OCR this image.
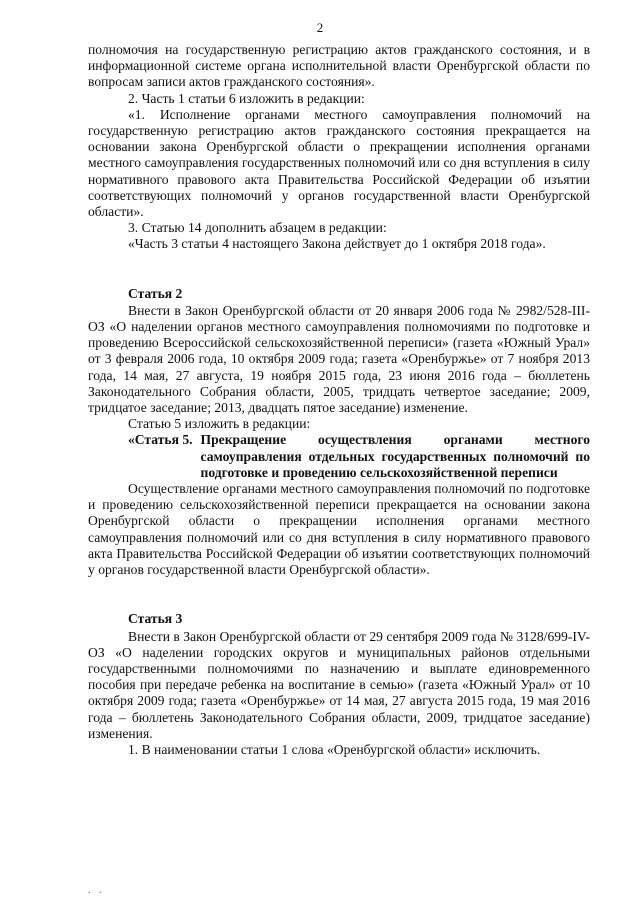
2

полномочия на государственную регистрацию актов гражданского состояния, и в информационной системе органа исполнительной власти Оренбургской области по вопросам записи актов гражданского состояния».

2. Часть 1 статьи 6 изложить в редакции:

«1. Исполнение органами местного самоуправления полномочий на государственную регистрацию актов гражданского состояния прекращается на основании закона Оренбургской области о прекращении исполнения органами местного самоуправления государственных полномочий или со дня вступления в силу нормативного правового акта Правительства Российской Федерации об изъятии соответствующих полномочий у органов государственной власти Оренбургской области».

3. Статью 14 дополнить абзацем в редакции:

«Часть 3 статьи 4 настоящего Закона действует до 1 октября 2018 года».

Статья 2

Внести в Закон Оренбургской области от 20 января 2006 года № 2982/528-III-ОЗ «О наделении органов местного самоуправления полномочиями по подготовке и проведению Всероссийской сельскохозяйственной переписи» (газета «Южный Урал» от 3 февраля 2006 года, 10 октября 2009 года; газета «Оренбуржье» от 7 ноября 2013 года, 14 мая, 27 августа, 19 ноября 2015 года, 23 июня 2016 года – бюллетень Законодательного Собрания области, 2005, тридцать четвертое заседание; 2009, тридцатое заседание; 2013, двадцать пятое заседание) изменение.

Статью 5 изложить в редакции:

«Статья 5. Прекращение осуществления органами местного самоуправления отдельных государственных полномочий по подготовке и проведению сельскохозяйственной переписи

Осуществление органами местного самоуправления полномочий по подготовке и проведению сельскохозяйственной переписи прекращается на основании закона Оренбургской области о прекращении исполнения органами местного самоуправления полномочий или со дня вступления в силу нормативного правового акта Правительства Российской Федерации об изъятии соответствующих полномочий у органов государственной власти Оренбургской области».

Статья 3

Внести в Закон Оренбургской области от 29 сентября 2009 года № 3128/699-IV-ОЗ «О наделении городских округов и муниципальных районов отдельными государственными полномочиями по назначению и выплате единовременного пособия при передаче ребенка на воспитание в семью» (газета «Южный Урал» от 10 октября 2009 года; газета «Оренбуржье» от 14 мая, 27 августа 2015 года, 19 мая 2016 года – бюллетень Законодательного Собрания области, 2009, тридцатое заседание) изменения.

1. В наименовании статьи 1 слова «Оренбургской области» исключить.

. .
